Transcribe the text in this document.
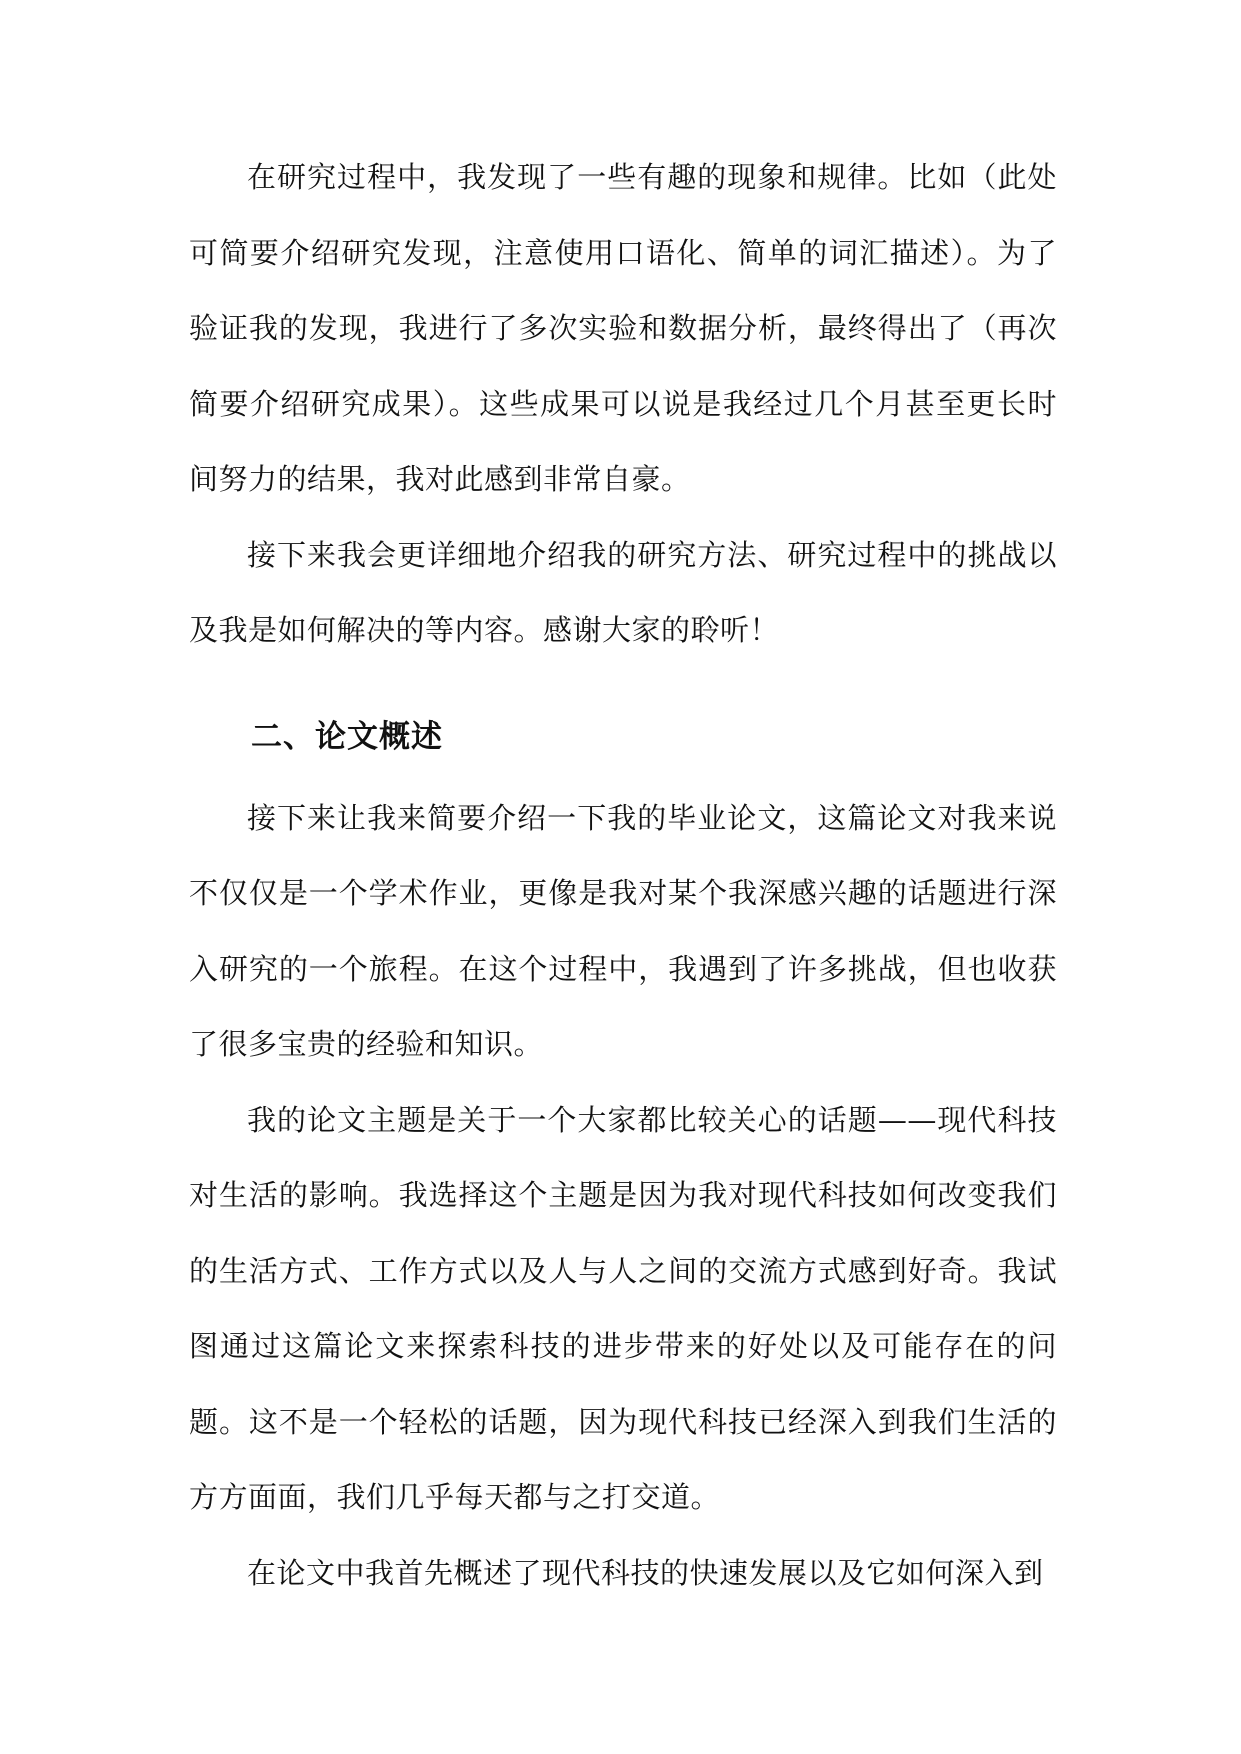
在研究过程中，我发现了一些有趣的现象和规律。比如（此处可简要介绍研究发现，注意使用口语化、简单的词汇描述）。为了验证我的发现，我进行了多次实验和数据分析，最终得出了（再次简要介绍研究成果）。这些成果可以说是我经过几个月甚至更长时间努力的结果，我对此感到非常自豪。

接下来我会更详细地介绍我的研究方法、研究过程中的挑战以及我是如何解决的等内容。感谢大家的聆听！

二、论文概述

接下来让我来简要介绍一下我的毕业论文，这篇论文对我来说不仅仅是一个学术作业，更像是我对某个我深感兴趣的话题进行深入研究的一个旅程。在这个过程中，我遇到了许多挑战，但也收获了很多宝贵的经验和知识。

我的论文主题是关于一个大家都比较关心的话题——现代科技对生活的影响。我选择这个主题是因为我对现代科技如何改变我们的生活方式、工作方式以及人与人之间的交流方式感到好奇。我试图通过这篇论文来探索科技的进步带来的好处以及可能存在的问题。这不是一个轻松的话题，因为现代科技已经深入到我们生活的方方面面，我们几乎每天都与之打交道。

在论文中我首先概述了现代科技的快速发展以及它如何深入到
